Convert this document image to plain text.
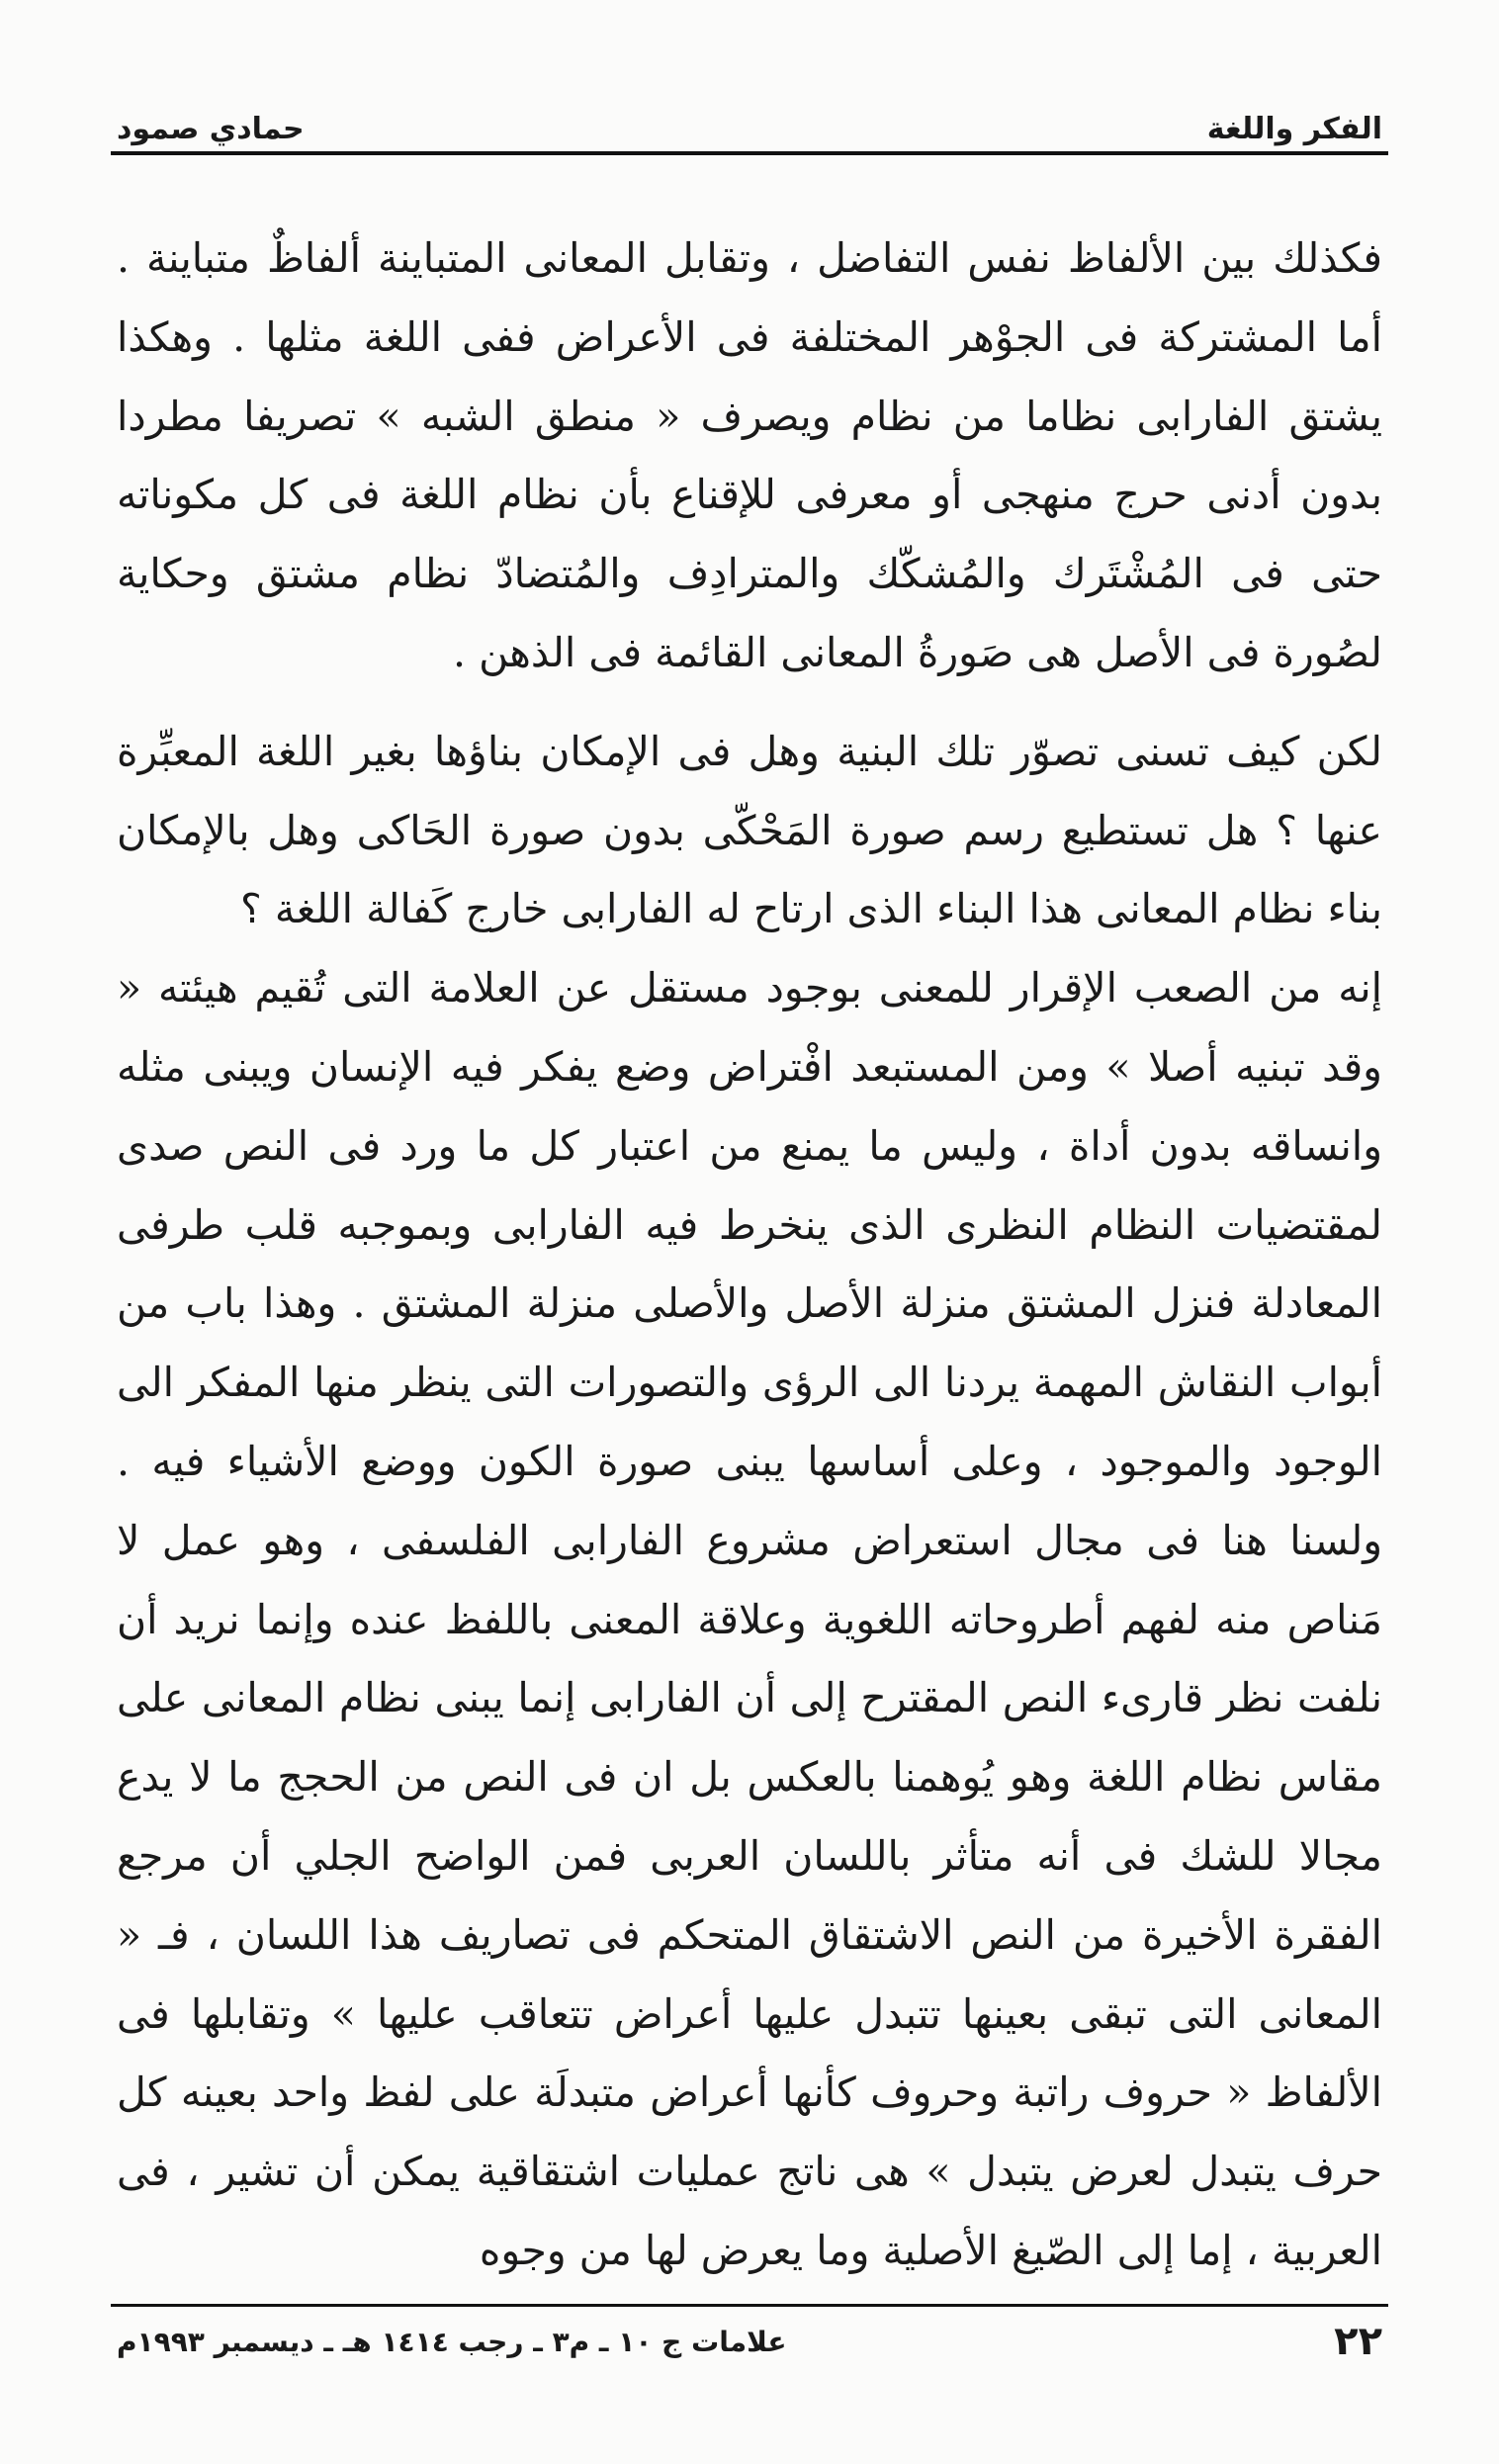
الفكر واللغة
حمادي صمود

فكذلك بين الألفاظ نفس التفاضل ، وتقابل المعانى المتباينة ألفاظٌ متباينة . أما المشتركة فى الجوْهر المختلفة فى الأعراض ففى اللغة مثلها . وهكذا يشتق الفارابى نظاما من نظام ويصرف « منطق الشبه » تصريفا مطردا بدون أدنى حرج منهجى أو معرفى للإقناع بأن نظام اللغة فى كل مكوناته حتى فى المُشْتَرك والمُشكّك والمترادِف والمُتضادّ نظام مشتق وحكاية لصُورة فى الأصل هى صَورةُ المعانى القائمة فى الذهن .

لكن كيف تسنى تصوّر تلك البنية وهل فى الإمكان بناؤها بغير اللغة المعبِّرة عنها ؟ هل تستطيع رسم صورة المَحْكّى بدون صورة الحَاكى وهل بالإمكان بناء نظام المعانى هذا البناء الذى ارتاح له الفارابى خارج كَفالة اللغة ؟

إنه من الصعب الإقرار للمعنى بوجود مستقل عن العلامة التى تُقيم هيئته « وقد تبنيه أصلا » ومن المستبعد افْتراض وضع يفكر فيه الإنسان ويبنى مثله وانساقه بدون أداة ، وليس ما يمنع من اعتبار كل ما ورد فى النص صدى لمقتضيات النظام النظرى الذى ينخرط فيه الفارابى وبموجبه قلب طرفى المعادلة فنزل المشتق منزلة الأصل والأصلى منزلة المشتق . وهذا باب من أبواب النقاش المهمة يردنا الى الرؤى والتصورات التى ينظر منها المفكر الى الوجود والموجود ، وعلى أساسها يبنى صورة الكون ووضع الأشياء فيه . ولسنا هنا فى مجال استعراض مشروع الفارابى الفلسفى ، وهو عمل لا مَناص منه لفهم أطروحاته اللغوية وعلاقة المعنى باللفظ عنده وإنما نريد أن نلفت نظر قارىء النص المقترح إلى أن الفارابى إنما يبنى نظام المعانى على مقاس نظام اللغة وهو يُوهمنا بالعكس بل ان فى النص من الحجج ما لا يدع مجالا للشك فى أنه متأثر باللسان العربى فمن الواضح الجلي أن مرجع الفقرة الأخيرة من النص الاشتقاق المتحكم فى تصاريف هذا اللسان ، فـ « المعانى التى تبقى بعينها تتبدل عليها أعراض تتعاقب عليها » وتقابلها فى الألفاظ « حروف راتبة وحروف كأنها أعراض متبدلَة على لفظ واحد بعينه كل حرف يتبدل لعرض يتبدل » هى ناتج عمليات اشتقاقية يمكن أن تشير ، فى العربية ، إما إلى الصّيغ الأصلية وما يعرض لها من وجوه

٢٢
علامات ج ١٠ ـ م٣ ـ رجب ١٤١٤ هـ ـ ديسمبر ١٩٩٣م
